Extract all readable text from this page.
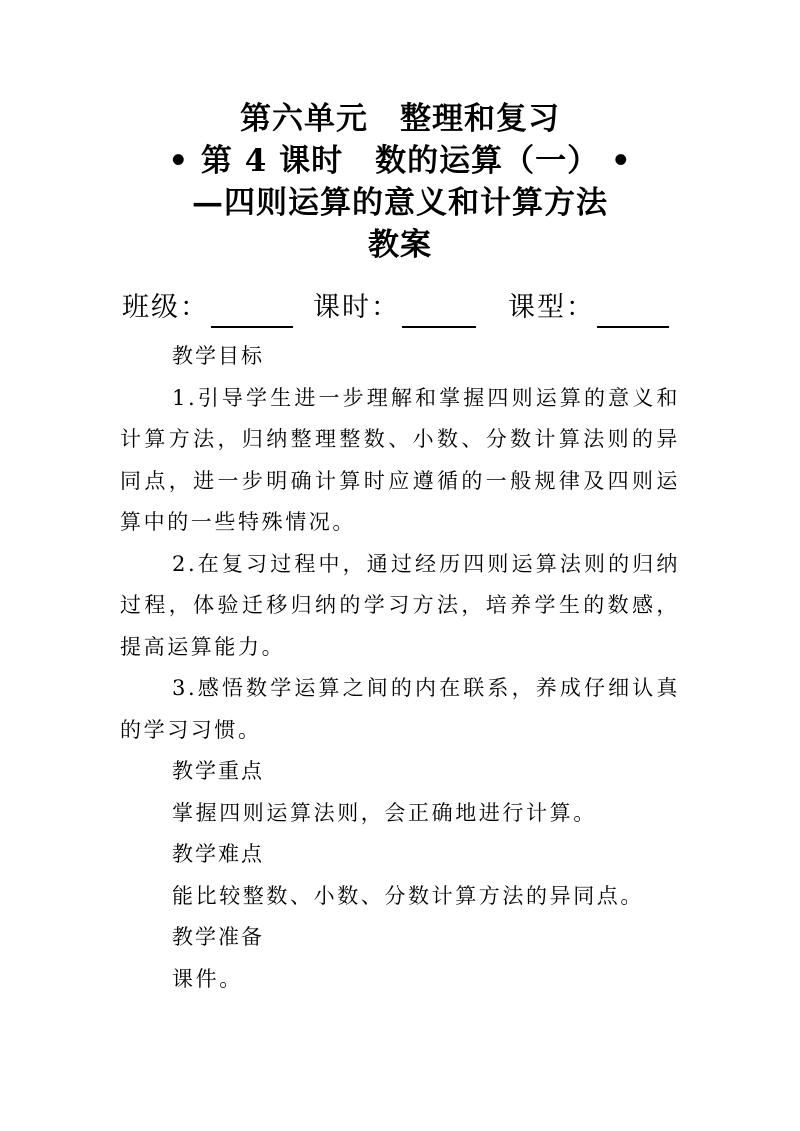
第六单元　整理和复习
• 第 4 课时　数的运算（一） •
—四则运算的意义和计算方法
教案
班级：	课时：	课型：

教学目标

1.引导学生进一步理解和掌握四则运算的意义和计算方法，归纳整理整数、小数、分数计算法则的异同点，进一步明确计算时应遵循的一般规律及四则运算中的一些特殊情况。

2.在复习过程中，通过经历四则运算法则的归纳过程，体验迁移归纳的学习方法，培养学生的数感，提高运算能力。

3.感悟数学运算之间的内在联系，养成仔细认真的学习习惯。

教学重点

掌握四则运算法则，会正确地进行计算。

教学难点

能比较整数、小数、分数计算方法的异同点。

教学准备

课件。
